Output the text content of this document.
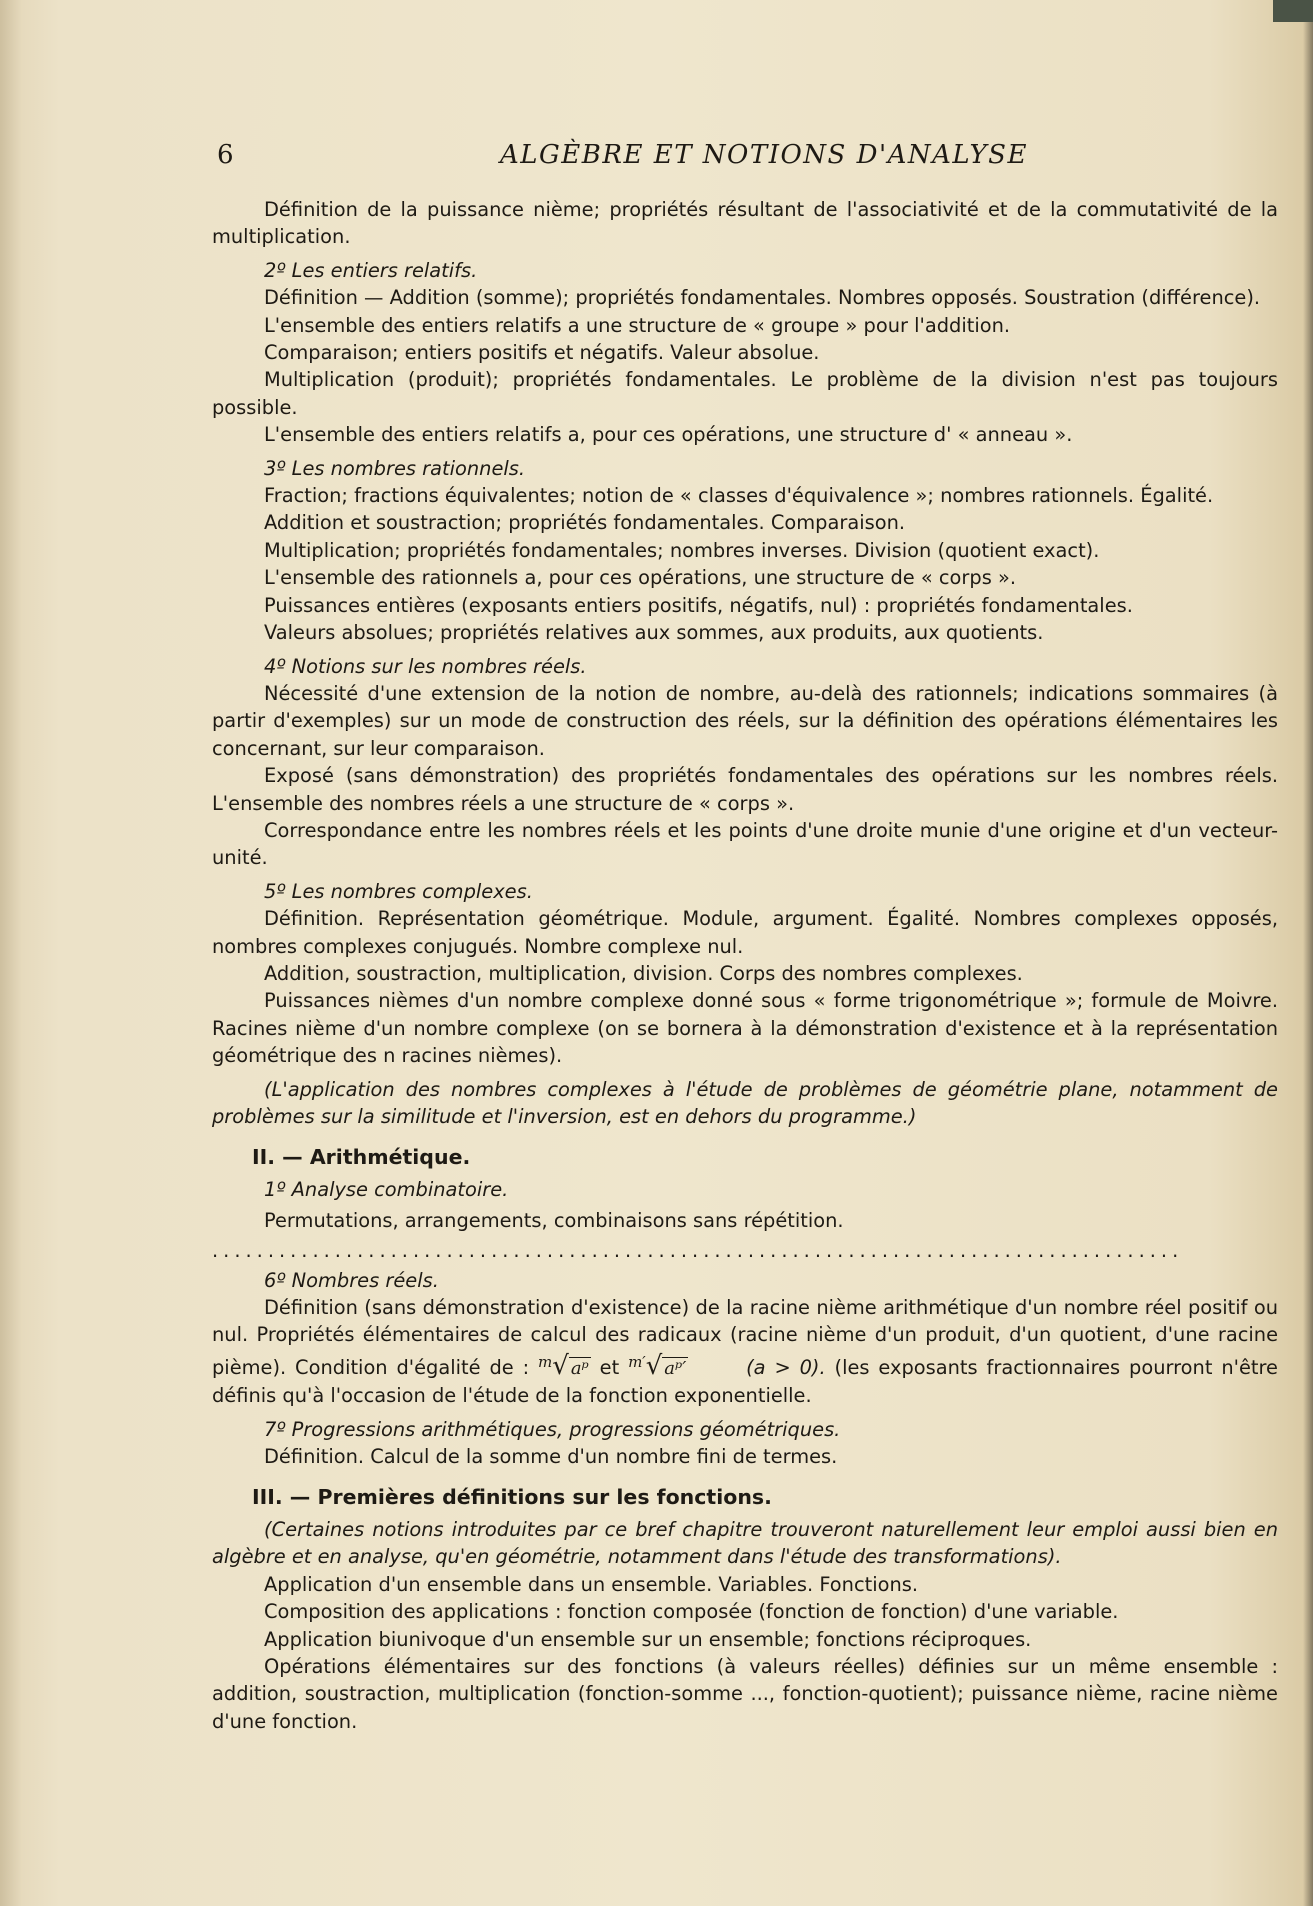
6	ALGÈBRE ET NOTIONS D'ANALYSE

Définition de la puissance nième; propriétés résultant de l'associativité et de la commutativité de la multiplication.

2º Les entiers relatifs.

Définition — Addition (somme); propriétés fondamentales. Nombres opposés. Soustration (différence).

L'ensemble des entiers relatifs a une structure de « groupe » pour l'addition.

Comparaison; entiers positifs et négatifs. Valeur absolue.

Multiplication (produit); propriétés fondamentales. Le problème de la division n'est pas toujours possible.

L'ensemble des entiers relatifs a, pour ces opérations, une structure d' « anneau ».

3º Les nombres rationnels.

Fraction; fractions équivalentes; notion de « classes d'équivalence »; nombres rationnels. Égalité.

Addition et soustraction; propriétés fondamentales. Comparaison.

Multiplication; propriétés fondamentales; nombres inverses. Division (quotient exact).

L'ensemble des rationnels a, pour ces opérations, une structure de « corps ».

Puissances entières (exposants entiers positifs, négatifs, nul) : propriétés fondamentales.

Valeurs absolues; propriétés relatives aux sommes, aux produits, aux quotients.

4º Notions sur les nombres réels.

Nécessité d'une extension de la notion de nombre, au-delà des rationnels; indications sommaires (à partir d'exemples) sur un mode de construction des réels, sur la définition des opérations élémentaires les concernant, sur leur comparaison.

Exposé (sans démonstration) des propriétés fondamentales des opérations sur les nombres réels. L'ensemble des nombres réels a une structure de « corps ».

Correspondance entre les nombres réels et les points d'une droite munie d'une origine et d'un vecteur-unité.

5º Les nombres complexes.

Définition. Représentation géométrique. Module, argument. Égalité. Nombres complexes opposés, nombres complexes conjugués. Nombre complexe nul.

Addition, soustraction, multiplication, division. Corps des nombres complexes.

Puissances nièmes d'un nombre complexe donné sous « forme trigonométrique »; formule de Moivre. Racines nième d'un nombre complexe (on se bornera à la démonstration d'existence et à la représentation géométrique des n racines nièmes).

(L'application des nombres complexes à l'étude de problèmes de géométrie plane, notamment de problèmes sur la similitude et l'inversion, est en dehors du programme.)

II. — Arithmétique.

1º Analyse combinatoire.

Permutations, arrangements, combinaisons sans répétition.

.......................................................................................

6º Nombres réels.

Définition (sans démonstration d'existence) de la racine nième arithmétique d'un nombre réel positif ou nul. Propriétés élémentaires de calcul des radicaux (racine nième d'un produit, d'un quotient, d'une racine pième). Condition d'égalité de : $^m$√ aᵖ et $^{m'}$√ aᵖ′	(a > 0). (les exposants fractionnaires pourront n'être définis qu'à l'occasion de l'étude de la fonction exponentielle.

7º Progressions arithmétiques, progressions géométriques.

Définition. Calcul de la somme d'un nombre fini de termes.

III. — Premières définitions sur les fonctions.

(Certaines notions introduites par ce bref chapitre trouveront naturellement leur emploi aussi bien en algèbre et en analyse, qu'en géométrie, notamment dans l'étude des transformations).

Application d'un ensemble dans un ensemble. Variables. Fonctions.

Composition des applications : fonction composée (fonction de fonction) d'une variable.

Application biunivoque d'un ensemble sur un ensemble; fonctions réciproques.

Opérations élémentaires sur des fonctions (à valeurs réelles) définies sur un même ensemble : addition, soustraction, multiplication (fonction-somme ..., fonction-quotient); puissance nième, racine nième d'une fonction.
